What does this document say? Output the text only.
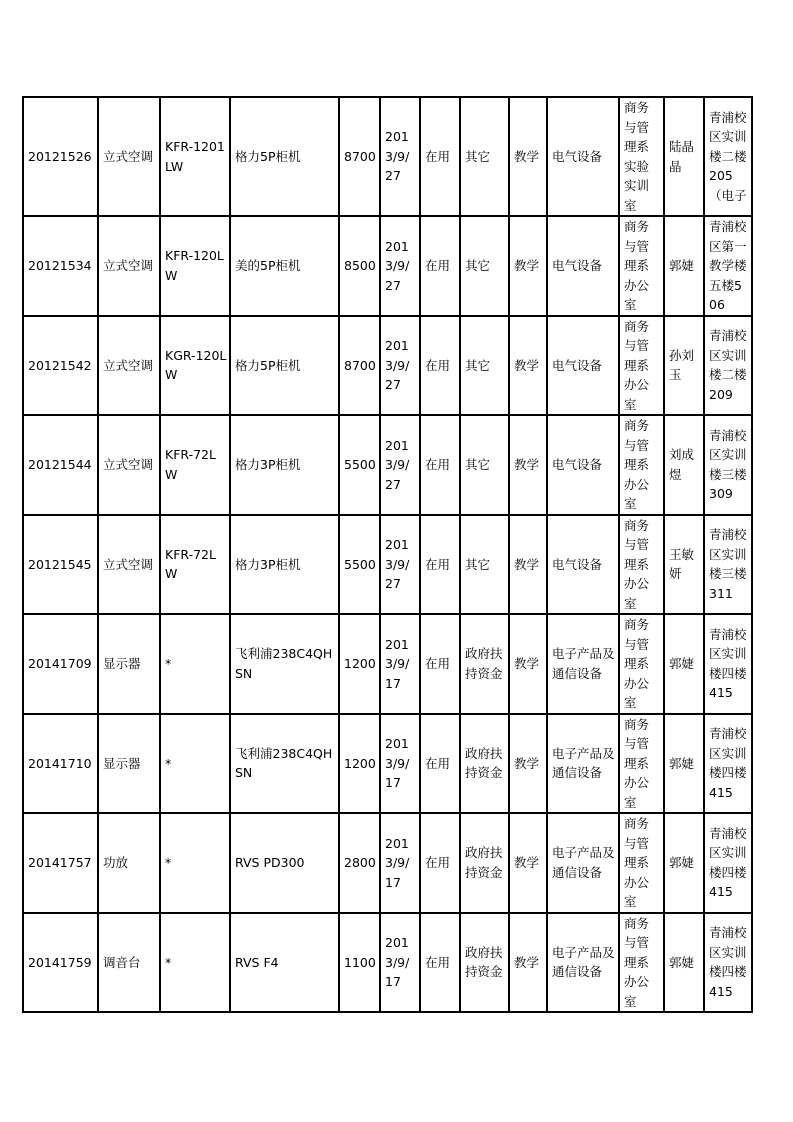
20121526	立式空调	KFR-1201LW	格力5P柜机	8700	2013/9/27	在用	其它	教学	电气设备	商务与管理系实验实训室	陆晶晶	青浦校区实训楼二楼205（电子
20121534	立式空调	KFR-120LW	美的5P柜机	8500	2013/9/27	在用	其它	教学	电气设备	商务与管理系办公室	郭婕	青浦校区第一教学楼五楼506
20121542	立式空调	KGR-120LW	格力5P柜机	8700	2013/9/27	在用	其它	教学	电气设备	商务与管理系办公室	孙刘玉	青浦校区实训楼二楼209
20121544	立式空调	KFR-72LW	格力3P柜机	5500	2013/9/27	在用	其它	教学	电气设备	商务与管理系办公室	刘成煜	青浦校区实训楼三楼309
20121545	立式空调	KFR-72LW	格力3P柜机	5500	2013/9/27	在用	其它	教学	电气设备	商务与管理系办公室	王敏妍	青浦校区实训楼三楼311
20141709	显示器	*	飞利浦238C4QHSN	1200	2013/9/17	在用	政府扶持资金	教学	电子产品及通信设备	商务与管理系办公室	郭婕	青浦校区实训楼四楼415
20141710	显示器	*	飞利浦238C4QHSN	1200	2013/9/17	在用	政府扶持资金	教学	电子产品及通信设备	商务与管理系办公室	郭婕	青浦校区实训楼四楼415
20141757	功放	*	RVS PD300	2800	2013/9/17	在用	政府扶持资金	教学	电子产品及通信设备	商务与管理系办公室	郭婕	青浦校区实训楼四楼415
20141759	调音台	*	RVS F4	1100	2013/9/17	在用	政府扶持资金	教学	电子产品及通信设备	商务与管理系办公室	郭婕	青浦校区实训楼四楼415
